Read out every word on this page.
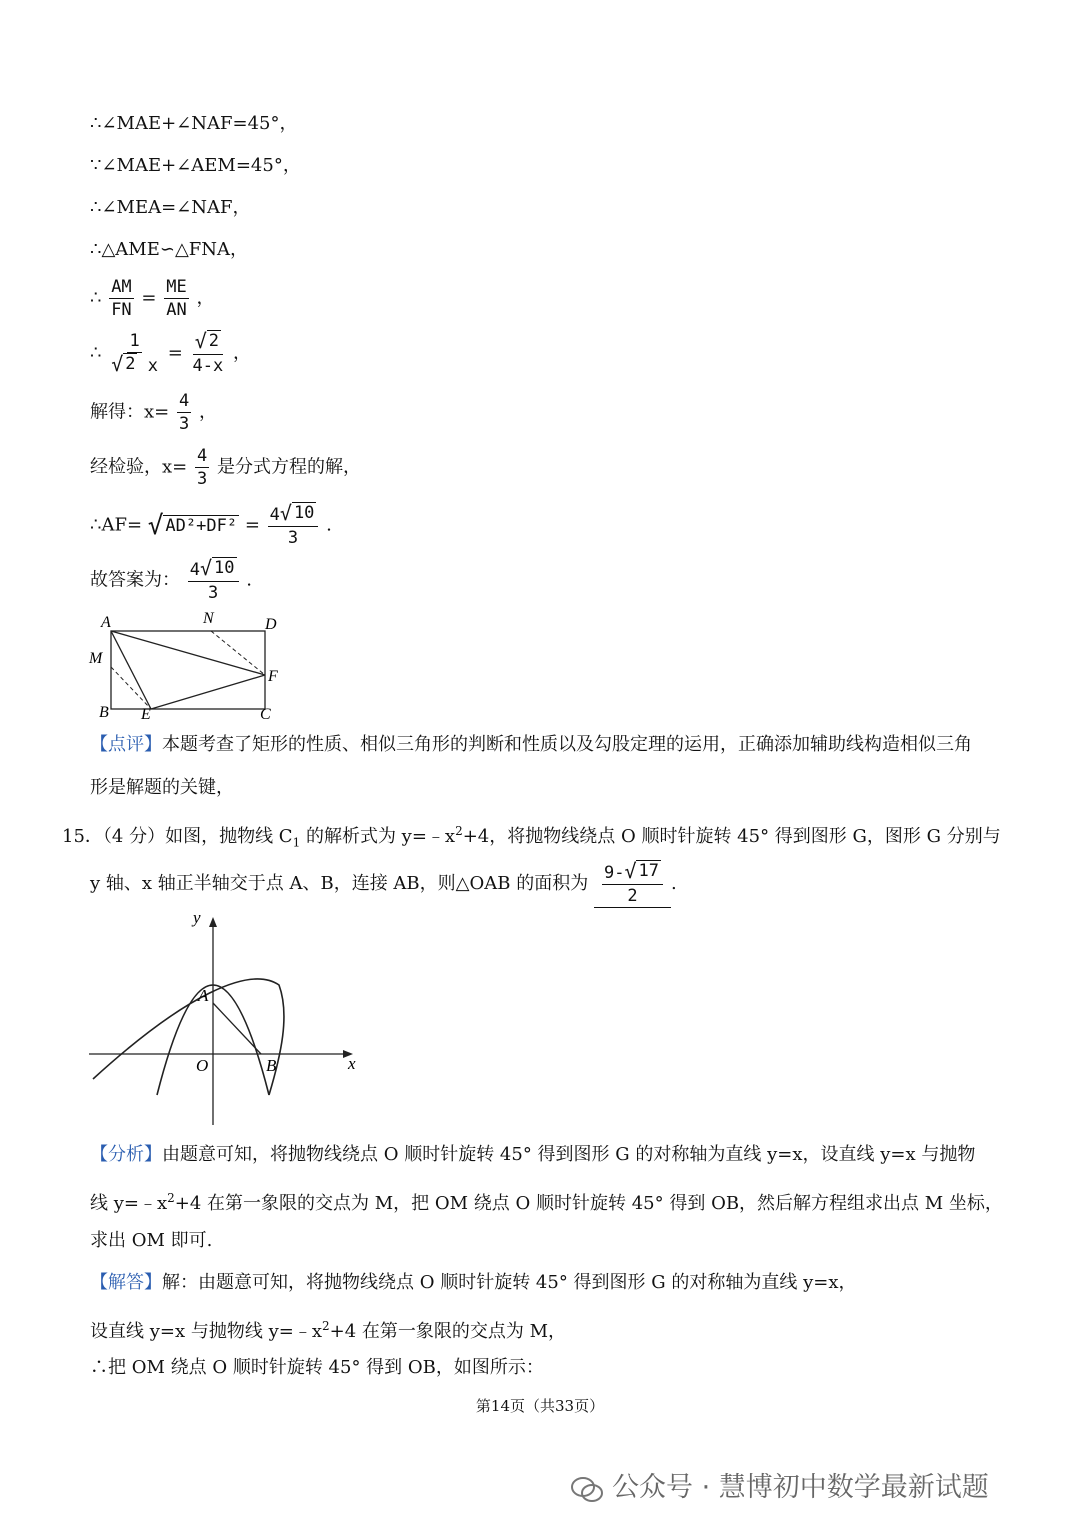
∴∠MAE+∠NAF=45°，
∵∠MAE+∠AEM=45°，
∴∠MEA=∠NAF，
∴△AME∽△FNA，
∴ $\frac{AM}{FN} = \frac{ME}{AN}$ ，
∴ $\frac{1}{√ 2 x} = \frac{√ 2}{4-x}$ ，
解得：$x= \frac{4}{3}$ ，
经检验，$x= \frac{4}{3}$ 是分式方程的解，
∴AF= √ $AD^2+DF^2 = \frac{4 √ 10}{3}$ .
故答案为： $\frac{4 √ 10}{3}$ .
A	N	D
M
F
B E	C
【点评】本题考查了矩形的性质、相似三角形的判断和性质以及勾股定理的运用，正确添加辅助线构造相似三角
形是解题的关键，
15．（4 分）如图，抛物线 $C_1$ 的解析式为 $y=﹣x^2+4$，将抛物线绕点 O 顺时针旋转 45° 得到图形 G，图形 G 分别与
y 轴、x 轴正半轴交于点 A、B，连接 AB，则△OAB 的面积为 $\frac{9- √ 17}{2}$ .
y
A
O	B	x
【分析】由题意可知，将抛物线绕点 O 顺时针旋转 45° 得到图形 G 的对称轴为直线 y=x，设直线 y=x 与抛物
线 $y=﹣x^2+4$ 在第一象限的交点为 M，把 OM 绕点 O 顺时针旋转 45° 得到 OB，然后解方程组求出点 M 坐标，
求出 OM 即可.
【解答】解：由题意可知，将抛物线绕点 O 顺时针旋转 45° 得到图形 G 的对称轴为直线 y=x，
设直线 y=x 与抛物线 $y=﹣x^2+4$ 在第一象限的交点为 M，
∴把 OM 绕点 O 顺时针旋转 45° 得到 OB，如图所示：
第14页（共33页）
公众号 · 慧博初中数学最新试题
